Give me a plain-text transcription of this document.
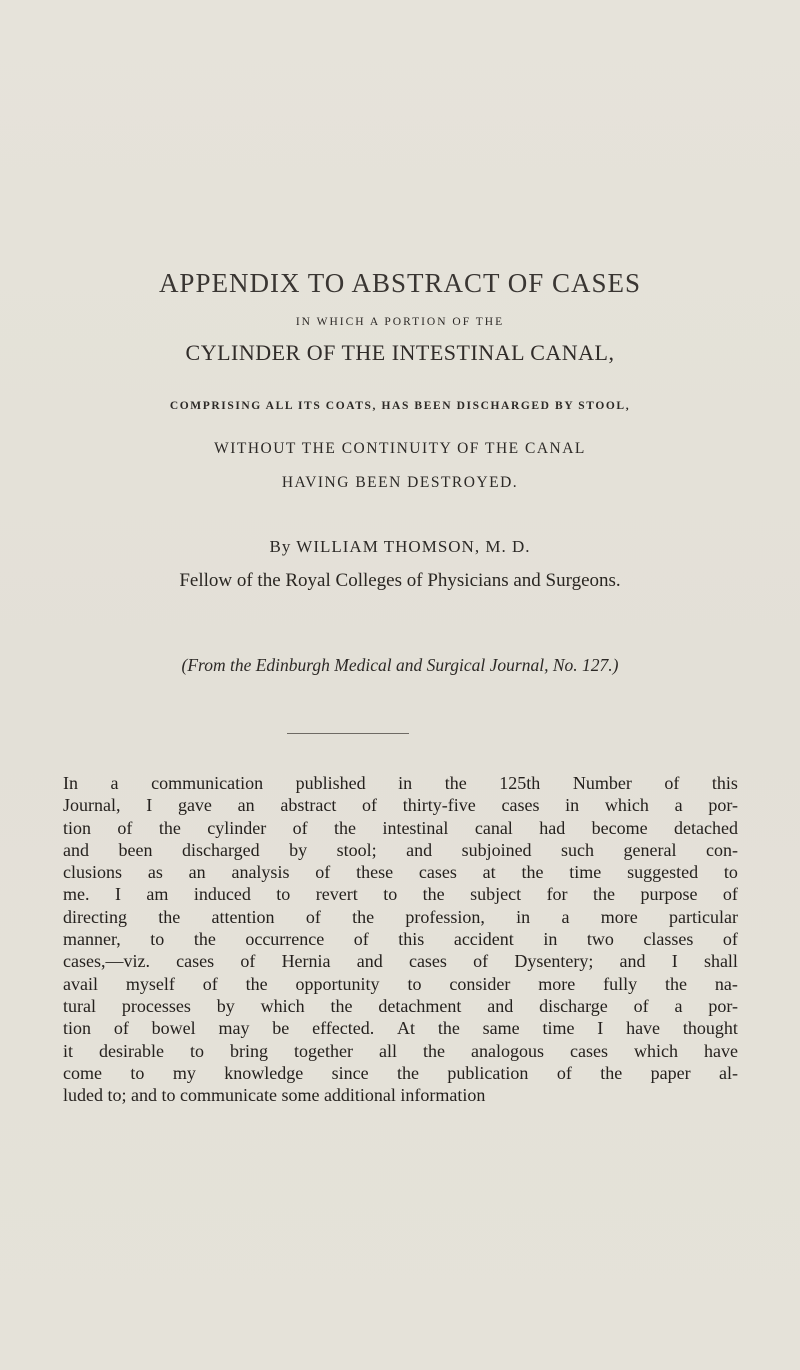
APPENDIX TO ABSTRACT OF CASES
IN WHICH A PORTION OF THE
CYLINDER OF THE INTESTINAL CANAL,
COMPRISING ALL ITS COATS, HAS BEEN DISCHARGED BY STOOL,
WITHOUT THE CONTINUITY OF THE CANAL
HAVING BEEN DESTROYED.
By WILLIAM THOMSON, M. D.
Fellow of the Royal Colleges of Physicians and Surgeons.
(From the Edinburgh Medical and Surgical Journal, No. 127.)
In a communication published in the 125th Number of this
Journal, I gave an abstract of thirty-five cases in which a por-
tion of the cylinder of the intestinal canal had become detached
and been discharged by stool; and subjoined such general con-
clusions as an analysis of these cases at the time suggested to
me. I am induced to revert to the subject for the purpose of
directing the attention of the profession, in a more particular
manner, to the occurrence of this accident in two classes of
cases,—viz. cases of Hernia and cases of Dysentery; and I shall
avail myself of the opportunity to consider more fully the na-
tural processes by which the detachment and discharge of a por-
tion of bowel may be effected. At the same time I have thought
it desirable to bring together all the analogous cases which have
come to my knowledge since the publication of the paper al-
luded to; and to communicate some additional information
